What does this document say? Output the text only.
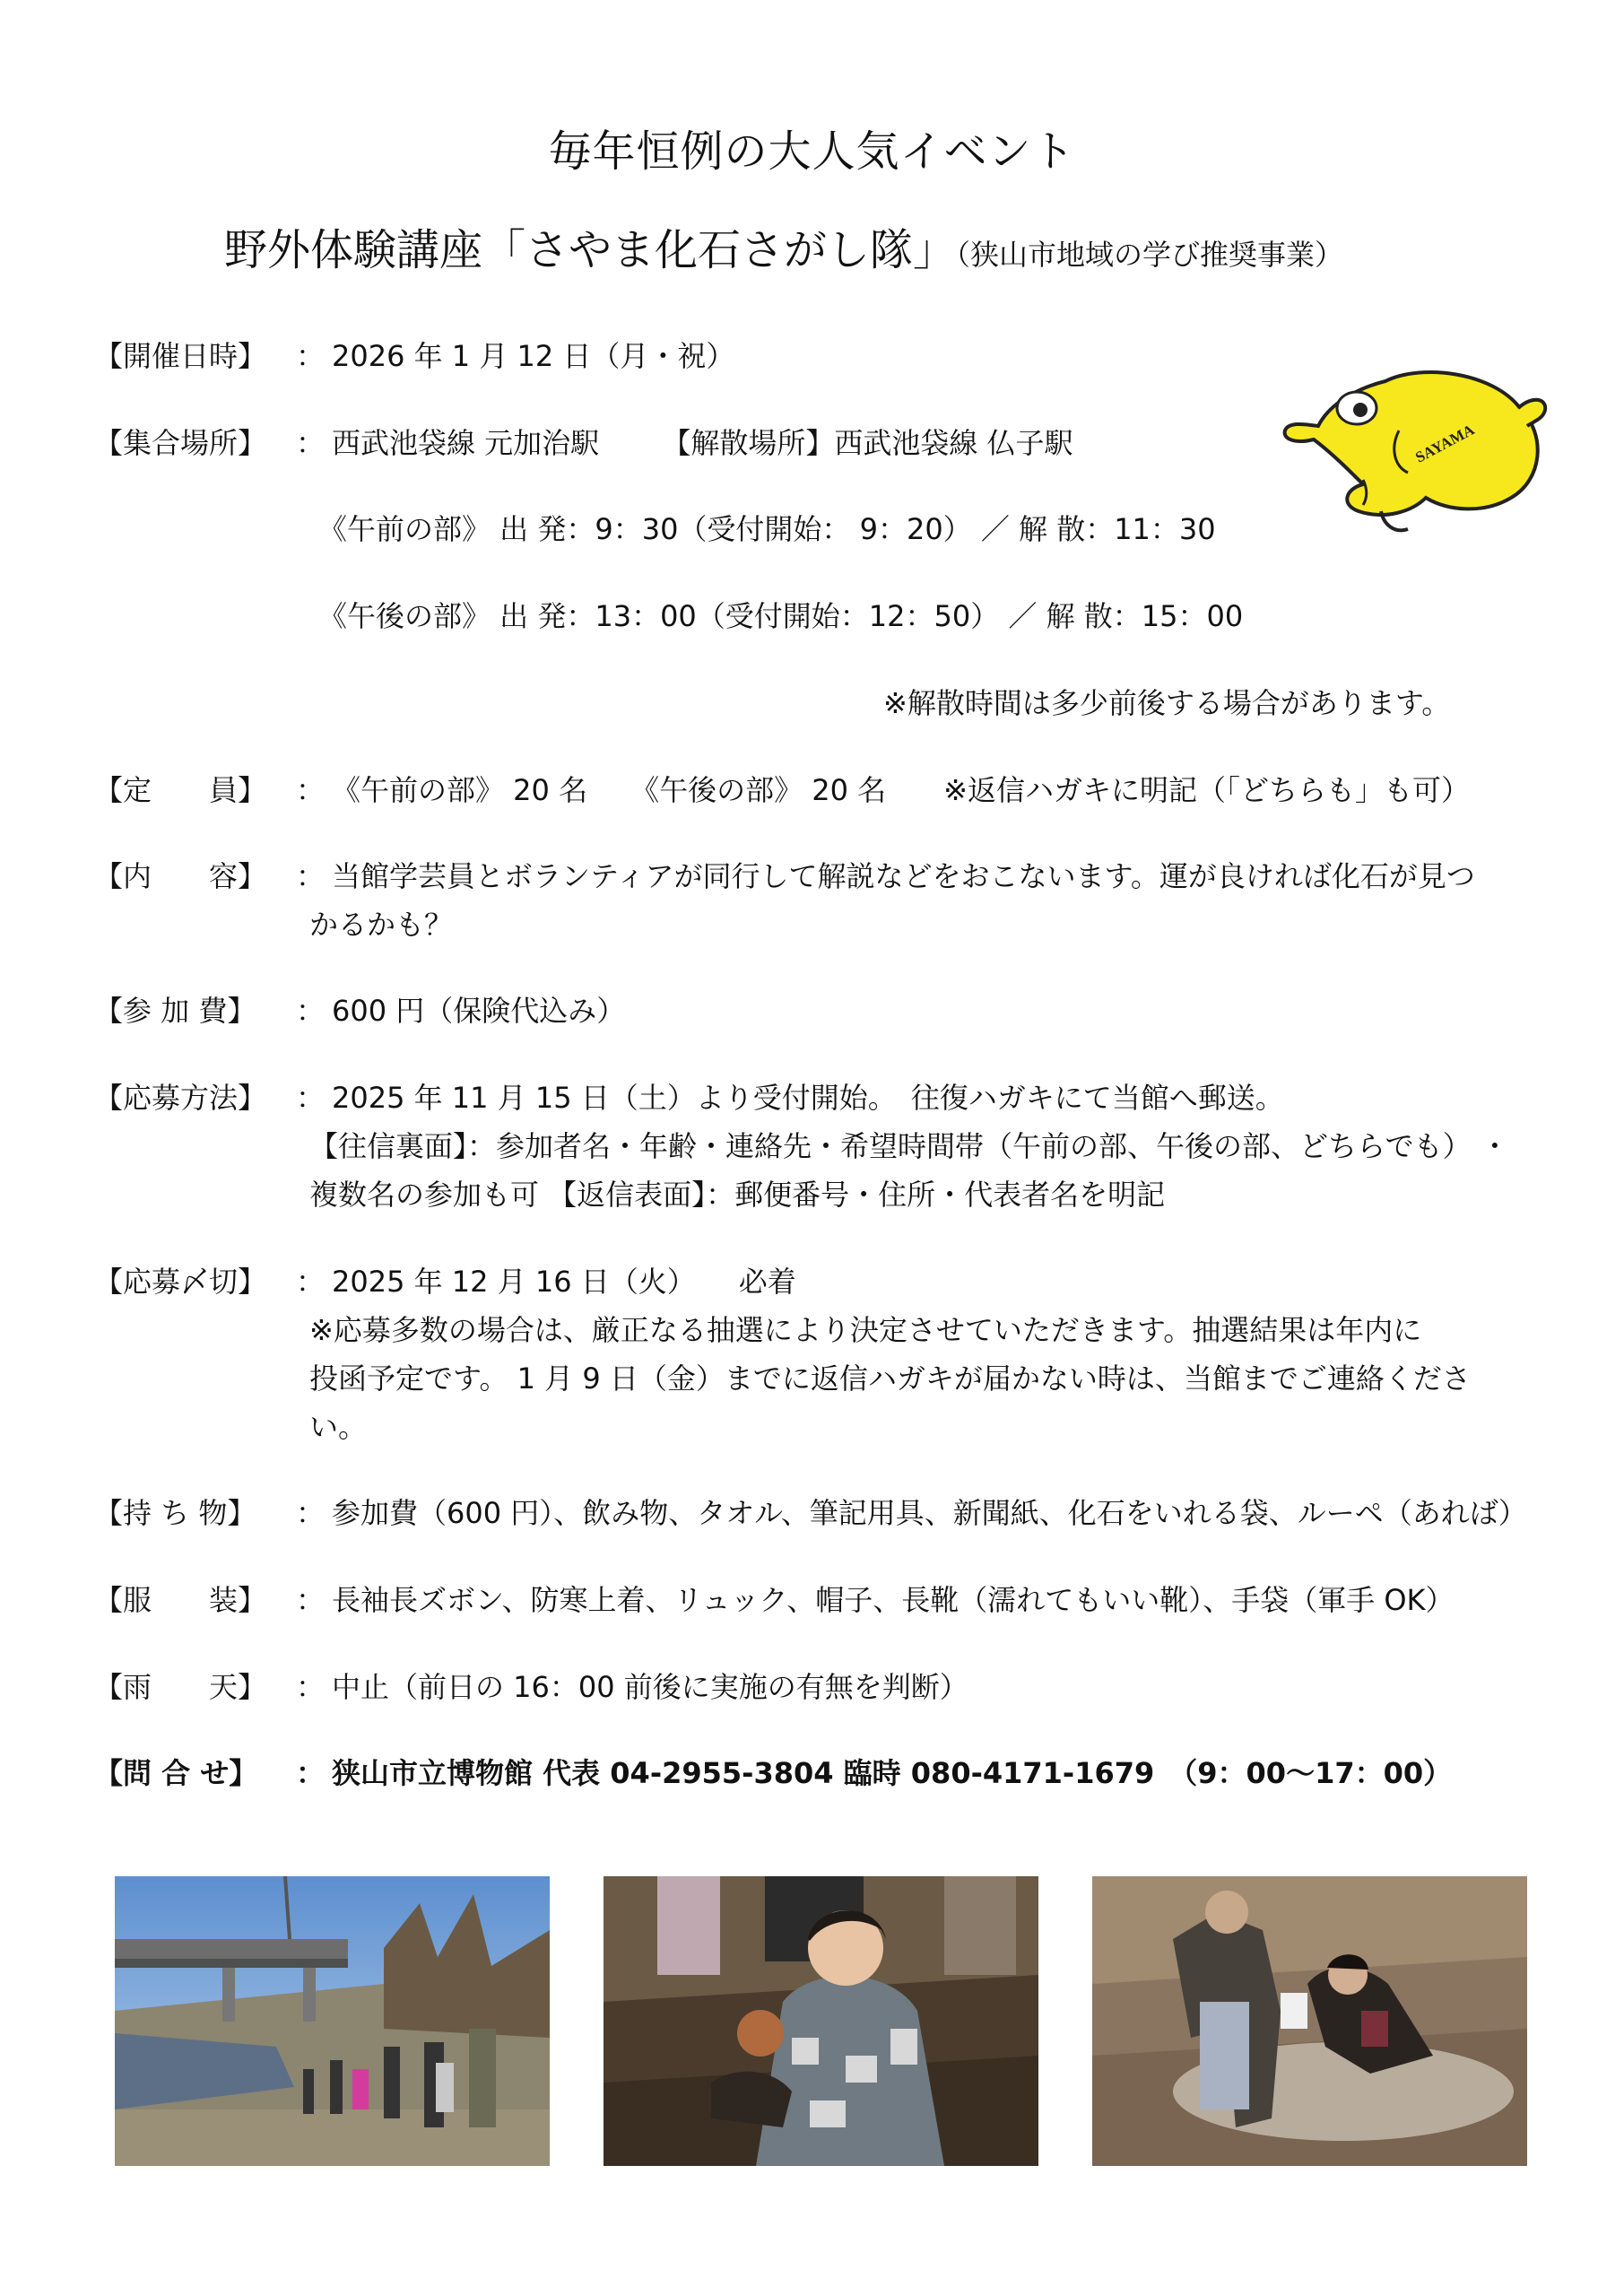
毎年恒例の大人気イベント
野外体験講座「さやま化石さがし隊」（狭山市地域の学び推奨事業）
SAYAMA
【開催日時】 ： 2026 年 1 月 12 日（月・祝）
【集合場所】 ： 西武池袋線 元加治駅 【解散場所】西武池袋線 仏子駅
《午前の部》 出 発：9：30（受付開始： 9：20） ／ 解 散：11：30
《午後の部》 出 発：13：00（受付開始：12：50） ／ 解 散：15：00
※解散時間は多少前後する場合があります。
【定　　員】 ： 《午前の部》 20 名　　《午後の部》 20 名　　※返信ハガキに明記（「どちらも」も可）
【内　　容】 ： 当館学芸員とボランティアが同行して解説などをおこないます。運が良ければ化石が見つ
かるかも？
【参 加 費】 ： 600 円（保険代込み）
【応募方法】 ： 2025 年 11 月 15 日（土）より受付開始。　往復ハガキにて当館へ郵送。
【往信裏面】：参加者名・年齢・連絡先・希望時間帯（午前の部、午後の部、どちらでも） ・
複数名の参加も可 【返信表面】：郵便番号・住所・代表者名を明記
【応募〆切】 ： 2025 年 12 月 16 日（火）　　必着
※応募多数の場合は、厳正なる抽選により決定させていただきます。抽選結果は年内に
投函予定です。 1 月 9 日（金）までに返信ハガキが届かない時は、当館までご連絡くださ
い。
【持 ち 物】 ： 参加費（600 円）、飲み物、タオル、筆記用具、新聞紙、化石をいれる袋、ルーペ（あれば）
【服　　装】 ： 長袖長ズボン、防寒上着、リュック、帽子、長靴（濡れてもいい靴）、手袋（軍手 OK）
【雨　　天】 ： 中止（前日の 16：00 前後に実施の有無を判断）
【問 合 せ】 ： 狭山市立博物館 代表 04-2955-3804 臨時 080-4171-1679　（9：00～17：00）
